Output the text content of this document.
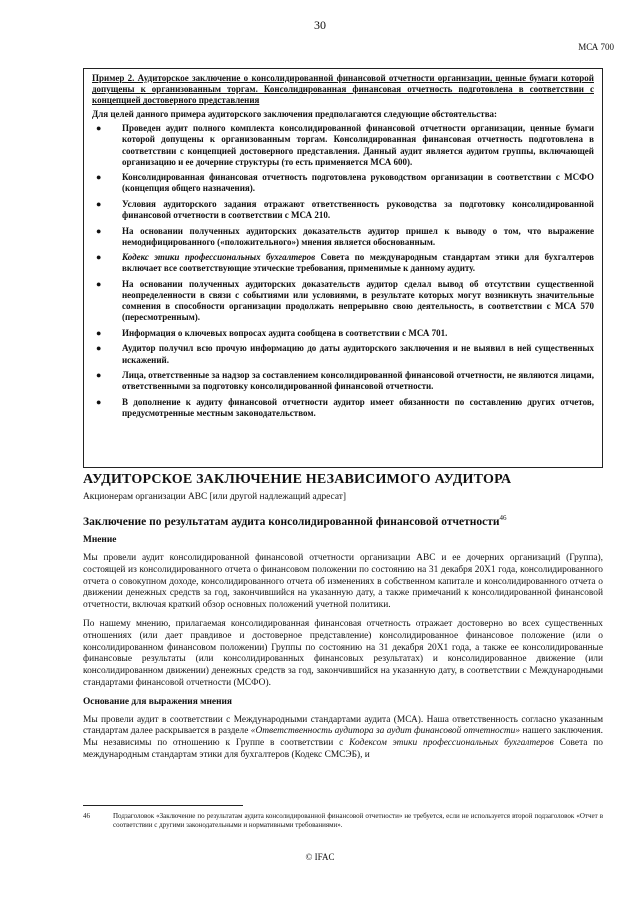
30
МСА 700
Пример 2. Аудиторское заключение о консолидированной финансовой отчетности организации, ценные бумаги которой допущены к организованным торгам. Консолидированная финансовая отчетность подготовлена в соответствии с концепцией достоверного представления
Для целей данного примера аудиторского заключения предполагаются следующие обстоятельства:
● Проведен аудит полного комплекта консолидированной финансовой отчетности организации, ценные бумаги которой допущены к организованным торгам. Консолидированная финансовая отчетность подготовлена в соответствии с концепцией достоверного представления. Данный аудит является аудитом группы, включающей организацию и ее дочерние структуры (то есть применяется МСА 600).
● Консолидированная финансовая отчетность подготовлена руководством организации в соответствии с МСФО (концепция общего назначения).
● Условия аудиторского задания отражают ответственность руководства за подготовку консолидированной финансовой отчетности в соответствии с МСА 210.
● На основании полученных аудиторских доказательств аудитор пришел к выводу о том, что выражение немодифицированного («положительного») мнения является обоснованным.
● Кодекс этики профессиональных бухгалтеров Совета по международным стандартам этики для бухгалтеров включает все соответствующие этические требования, применимые к данному аудиту.
● На основании полученных аудиторских доказательств аудитор сделал вывод об отсутствии существенной неопределенности в связи с событиями или условиями, в результате которых могут возникнуть значительные сомнения в способности организации продолжать непрерывно свою деятельность, в соответствии с МСА 570 (пересмотренным).
● Информация о ключевых вопросах аудита сообщена в соответствии с МСА 701.
● Аудитор получил всю прочую информацию до даты аудиторского заключения и не выявил в ней существенных искажений.
● Лица, ответственные за надзор за составлением консолидированной финансовой отчетности, не являются лицами, ответственными за подготовку консолидированной финансовой отчетности.
● В дополнение к аудиту финансовой отчетности аудитор имеет обязанности по составлению других отчетов, предусмотренные местным законодательством.
АУДИТОРСКОЕ ЗАКЛЮЧЕНИЕ НЕЗАВИСИМОГО АУДИТОРА
Акционерам организации АВС [или другой надлежащий адресат]
Заключение по результатам аудита консолидированной финансовой отчетности$^{46}$
Мнение
Мы провели аудит консолидированной финансовой отчетности организации АВС и ее дочерних организаций (Группа), состоящей из консолидированного отчета о финансовом положении по состоянию на 31 декабря 20Х1 года, консолидированного отчета о совокупном доходе, консолидированного отчета об изменениях в собственном капитале и консолидированного отчета о движении денежных средств за год, закончившийся на указанную дату, а также примечаний к консолидированной финансовой отчетности, включая краткий обзор основных положений учетной политики.
По нашему мнению, прилагаемая консолидированная финансовая отчетность отражает достоверно во всех существенных отношениях (или дает правдивое и достоверное представление) консолидированное финансовое положение (или о консолидированном финансовом положении) Группы по состоянию на 31 декабря 20Х1 года, а также ее консолидированные финансовые результаты (или консолидированных финансовых результатах) и консолидированное движение (или консолидированном движении) денежных средств за год, закончившийся на указанную дату, в соответствии с Международными стандартами финансовой отчетности (МСФО).
Основание для выражения мнения
Мы провели аудит в соответствии с Международными стандартами аудита (МСА). Наша ответственность согласно указанным стандартам далее раскрывается в разделе «Ответственность аудитора за аудит финансовой отчетности» нашего заключения. Мы независимы по отношению к Группе в соответствии с Кодексом этики профессиональных бухгалтеров Совета по международным стандартам этики для бухгалтеров (Кодекс СМСЭБ), и
46	Подзаголовок «Заключение по результатам аудита консолидированной финансовой отчетности» не требуется, если не используется второй подзаголовок «Отчет в соответствии с другими законодательными и нормативными требованиями».
© IFAC
